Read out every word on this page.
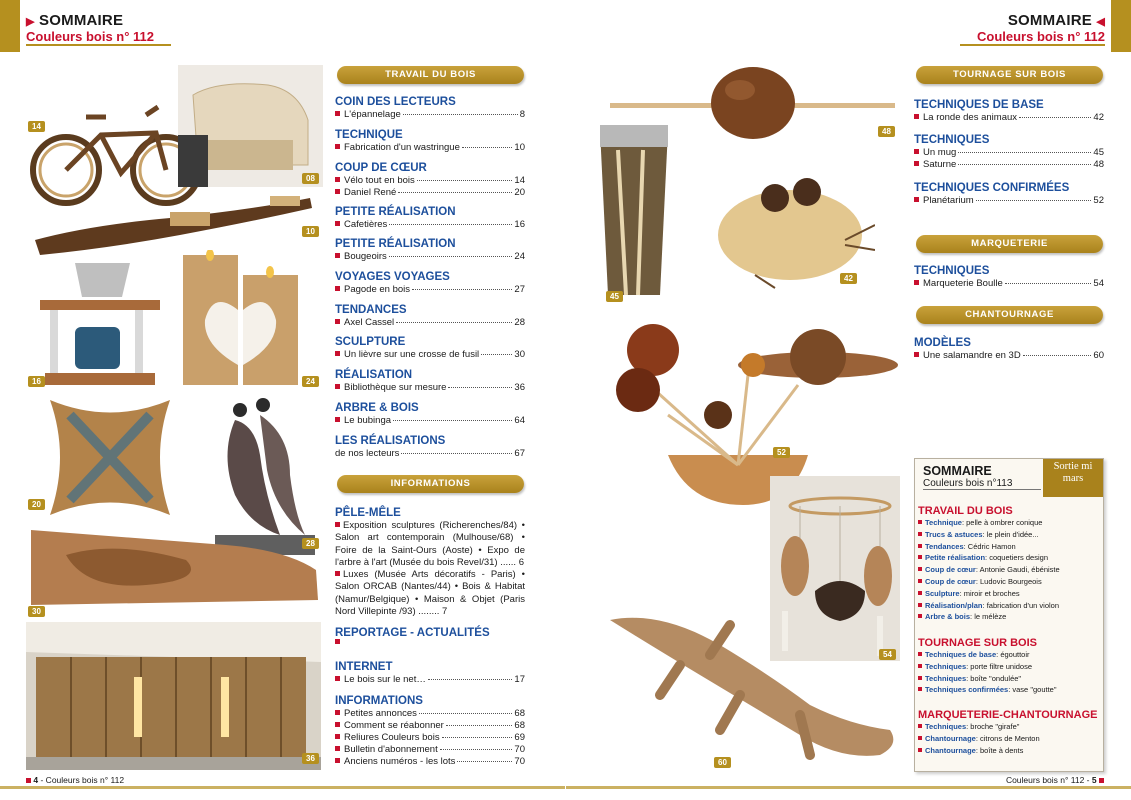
▶ SOMMAIRE
Couleurs bois n° 112
SOMMAIRE ◀
Couleurs bois n° 112
14
08
10
16	24
20
28
30
36
TRAVAIL DU BOIS
COIN DES LECTEURS
L'épannelage	8
TECHNIQUE
Fabrication d'un wastringue	10
COUP DE CŒUR
Vélo tout en bois	14
Daniel René	20
PETITE RÉALISATION
Cafetières	16
PETITE RÉALISATION
Bougeoirs	24
VOYAGES VOYAGES
Pagode en bois	27
TENDANCES
Axel Cassel	28
SCULPTURE
Un lièvre sur une crosse de fusil	30
RÉALISATION
Bibliothèque sur mesure	36
ARBRE & BOIS
Le bubinga	64
LES RÉALISATIONS
de nos lecteurs	67
INFORMATIONS
PÊLE-MÊLE
Exposition sculptures (Richerenches/84) • Salon art contemporain (Mulhouse/68) • Foire de la Saint-Ours (Aoste) • Expo de l'arbre à l'art (Musée du bois Revel/31) ...... 6
Luxes (Musée Arts décoratifs - Paris) • Salon ORCAB (Nantes/44) • Bois & Habitat (Namur/Belgique) • Maison & Objet (Paris Nord Villepinte /93) ........ 7
REPORTAGE - ACTUALITÉS
INTERNET
Le bois sur le net…	17
INFORMATIONS
Petites annonces	68
Comment se réabonner	68
Reliures Couleurs bois	69
Bulletin d'abonnement	70
Anciens numéros - les lots	70
48
45
42
52
54
60
TOURNAGE SUR BOIS
TECHNIQUES DE BASE
La ronde des animaux	42
TECHNIQUES
Un mug	45
Saturne	48
TECHNIQUES CONFIRMÉES
Planétarium	52
MARQUETERIE
TECHNIQUES
Marqueterie Boulle	54
CHANTOURNAGE
MODÈLES
Une salamandre en 3D	60
SOMMAIRE
Couleurs bois n°113
Sortie mi mars
TRAVAIL DU BOIS
Technique: pelle à ombrer conique
Trucs & astuces: le plein d'idée...
Tendances: Cédric Hamon
Petite réalisation: coquetiers design
Coup de cœur: Antonie Gaudi, ébéniste
Coup de cœur: Ludovic Bourgeois
Sculpture: miroir et broches
Réalisation/plan: fabrication d'un violon
Arbre & bois: le mélèze
TOURNAGE SUR BOIS
Techniques de base: égouttoir
Techniques: porte filtre unidose
Techniques: boîte "ondulée"
Techniques confirmées: vase "goutte"
MARQUETERIE-CHANTOURNAGE
Techniques: broche "girafe"
Chantournage: citrons de Menton
Chantournage: boîte à dents
4 - Couleurs bois n° 112	Couleurs bois n° 112 - 5
